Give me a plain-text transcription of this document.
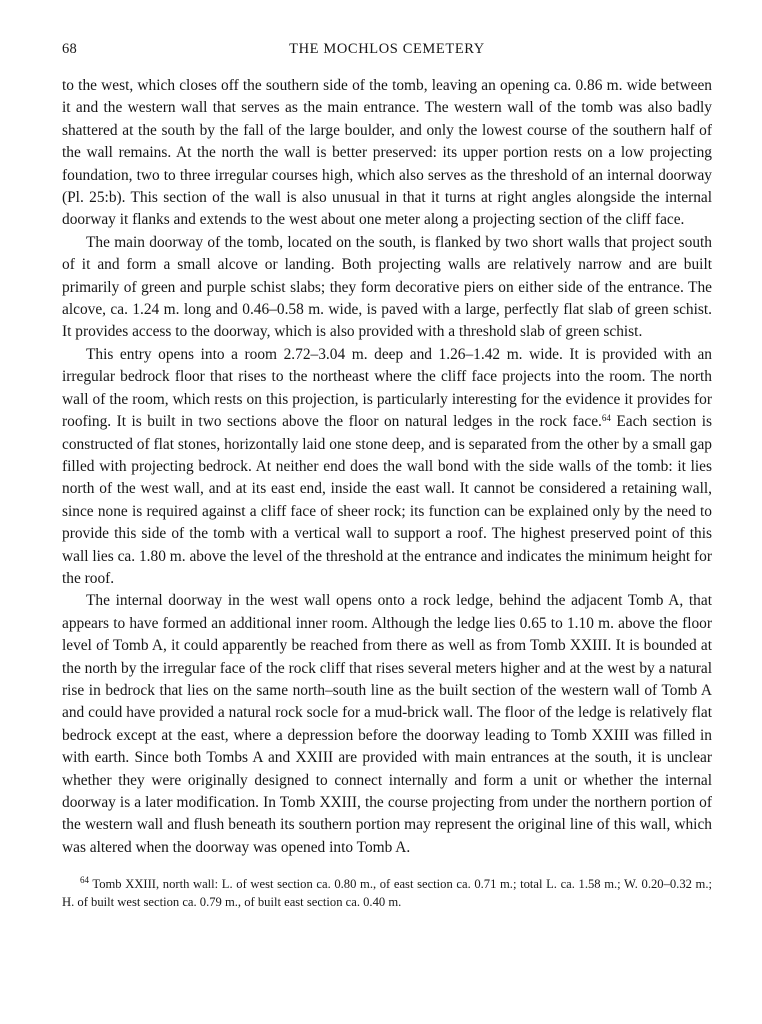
68	THE MOCHLOS CEMETERY

to the west, which closes off the southern side of the tomb, leaving an opening ca. 0.86 m. wide between it and the western wall that serves as the main entrance. The western wall of the tomb was also badly shattered at the south by the fall of the large boulder, and only the lowest course of the southern half of the wall remains. At the north the wall is better preserved: its upper portion rests on a low projecting foundation, two to three irregular courses high, which also serves as the threshold of an internal doorway (Pl. 25:b). This section of the wall is also unusual in that it turns at right angles alongside the internal doorway it flanks and extends to the west about one meter along a projecting section of the cliff face.

The main doorway of the tomb, located on the south, is flanked by two short walls that project south of it and form a small alcove or landing. Both projecting walls are relatively narrow and are built primarily of green and purple schist slabs; they form decorative piers on either side of the entrance. The alcove, ca. 1.24 m. long and 0.46–0.58 m. wide, is paved with a large, perfectly flat slab of green schist. It provides access to the doorway, which is also provided with a threshold slab of green schist.

This entry opens into a room 2.72–3.04 m. deep and 1.26–1.42 m. wide. It is provided with an irregular bedrock floor that rises to the northeast where the cliff face projects into the room. The north wall of the room, which rests on this projection, is particularly interesting for the evidence it provides for roofing. It is built in two sections above the floor on natural ledges in the rock face.$^{64}$ Each section is constructed of flat stones, horizontally laid one stone deep, and is separated from the other by a small gap filled with projecting bedrock. At neither end does the wall bond with the side walls of the tomb: it lies north of the west wall, and at its east end, inside the east wall. It cannot be considered a retaining wall, since none is required against a cliff face of sheer rock; its function can be explained only by the need to provide this side of the tomb with a vertical wall to support a roof. The highest preserved point of this wall lies ca. 1.80 m. above the level of the threshold at the entrance and indicates the minimum height for the roof.

The internal doorway in the west wall opens onto a rock ledge, behind the adjacent Tomb A, that appears to have formed an additional inner room. Although the ledge lies 0.65 to 1.10 m. above the floor level of Tomb A, it could apparently be reached from there as well as from Tomb XXIII. It is bounded at the north by the irregular face of the rock cliff that rises several meters higher and at the west by a natural rise in bedrock that lies on the same north–south line as the built section of the western wall of Tomb A and could have provided a natural rock socle for a mud-brick wall. The floor of the ledge is relatively flat bedrock except at the east, where a depression before the doorway leading to Tomb XXIII was filled in with earth. Since both Tombs A and XXIII are provided with main entrances at the south, it is unclear whether they were originally designed to connect internally and form a unit or whether the internal doorway is a later modification. In Tomb XXIII, the course projecting from under the northern portion of the western wall and flush beneath its southern portion may represent the original line of this wall, which was altered when the doorway was opened into Tomb A.

$^{64}$ Tomb XXIII, north wall: L. of west section ca. 0.80 m., of east section ca. 0.71 m.; total L. ca. 1.58 m.; W. 0.20–0.32 m.; H. of built west section ca. 0.79 m., of built east section ca. 0.40 m.
